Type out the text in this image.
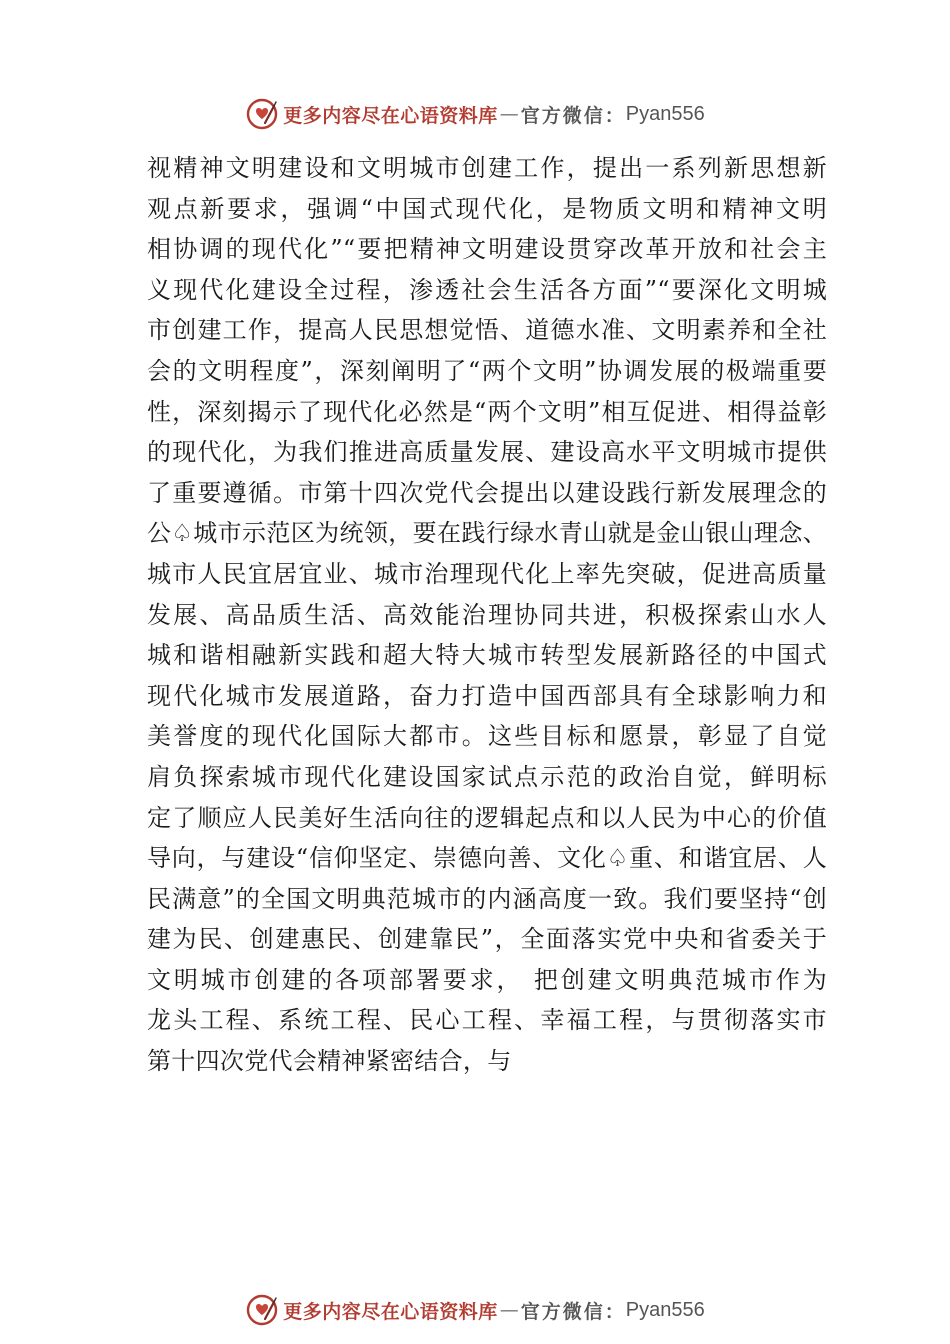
更多内容尽在心语资料库 — 官方微信： Pyan556
视精神文明建设和文明城市创建工作，提出一系列新思想新
观点新要求，强调“中国式现代化，是物质文明和精神文明
相协调的现代化”“要把精神文明建设贯穿改革开放和社会主
义现代化建设全过程，渗透社会生活各方面”“要深化文明城
市创建工作，提高人民思想觉悟、道德水准、文明素养和全社
会的文明程度”，深刻阐明了“两个文明”协调发展的极端重要
性，深刻揭示了现代化必然是“两个文明”相互促进、相得益彰
的现代化，为我们推进高质量发展、建设高水平文明城市提供
了重要遵循。市第十四次党代会提出以建设践行新发展理念的
公♤城市示范区为统领，要在践行绿水青山就是金山银山理念、
城市人民宜居宜业、城市治理现代化上率先突破，促进高质量
发展、高品质生活、高效能治理协同共进，积极探索山水人
城和谐相融新实践和超大特大城市转型发展新路径的中国式
现代化城市发展道路，奋力打造中国西部具有全球影响力和
美誉度的现代化国际大都市。这些目标和愿景，彰显了自觉
肩负探索城市现代化建设国家试点示范的政治自觉，鲜明标
定了顺应人民美好生活向往的逻辑起点和以人民为中心的价值
导向，与建设“信仰坚定、崇德向善、文化♤重、和谐宜居、人
民满意”的全国文明典范城市的内涵高度一致。我们要坚持“创
建为民、创建惠民、创建靠民”，全面落实党中央和省委关于
文明城市创建的各项部署要求， 把创建文明典范城市作为
龙头工程、系统工程、民心工程、幸福工程，与贯彻落实市
第十四次党代会精神紧密结合，与
更多内容尽在心语资料库 — 官方微信： Pyan556
